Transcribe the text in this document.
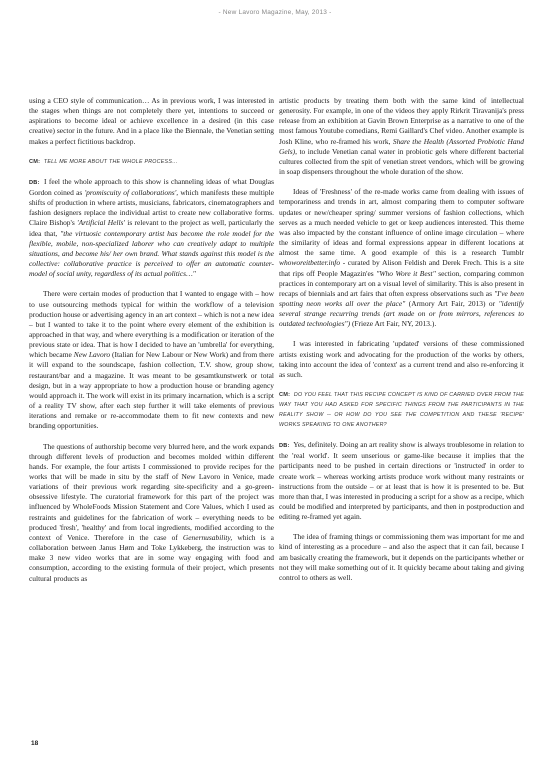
- New Lavoro Magazine, May, 2013 -

using a CEO style of communication… As in previous work, I was interested in the stages when things are not completely there yet, intentions to succeed or aspirations to become ideal or achieve excellence in a desired (in this case creative) sector in the future. And in a place like the Biennale, the Venetian setting makes a perfect fictitious backdrop.

CM: TELL ME MORE ABOUT THE WHOLE PROCESS…

DB: I feel the whole approach to this show is channeling ideas of what Douglas Gordon coined as 'promiscuity of collaborations', which manifests these multiple shifts of production in where artists, musicians, fabricators, cinematographers and fashion designers replace the individual artist to create new collaborative forms. Claire Bishop's 'Artificial Hells' is relevant to the project as well, particularly the idea that, "the virtuosic contemporary artist has become the role model for the flexible, mobile, non-specialized laborer who can creatively adapt to multiple situations, and become his/ her own brand. What stands against this model is the collective: collaborative practice is perceived to offer an automatic counter-model of social unity, regardless of its actual politics…"

There were certain modes of production that I wanted to engage with – how to use outsourcing methods typical for within the workflow of a television production house or advertising agency in an art context – which is not a new idea – but I wanted to take it to the point where every element of the exhibition is approached in that way, and where everything is a modification or iteration of the previous state or idea. That is how I decided to have an 'umbrella' for everything, which became New Lavoro (Italian for New Labour or New Work) and from there it will expand to the soundscape, fashion collection, T.V. show, group show, restaurant/bar and a magazine. It was meant to be gesamtkunstwerk or total design, but in a way appropriate to how a production house or branding agency would approach it. The work will exist in its primary incarnation, which is a script of a reality TV show, after each step further it will take elements of previous iterations and remake or re-accommodate them to fit new contexts and new branding opportunities.

The questions of authorship become very blurred here, and the work expands through different levels of production and becomes molded within different hands. For example, the four artists I commissioned to provide recipes for the works that will be made in situ by the staff of New Lavoro in Venice, made variations of their previous work regarding site-specificity and a go-green-obsessive lifestyle. The curatorial framework for this part of the project was influenced by WholeFoods Mission Statement and Core Values, which I used as restraints and guidelines for the fabrication of work – everything needs to be produced 'fresh', 'healthy' and from local ingredients, modified according to the context of Venice. Therefore in the case of Genernusability, which is a collaboration between Janus Høm and Toke Lykkeberg, the instruction was to make 3 new video works that are in some way engaging with food and consumption, according to the existing formula of their project, which presents cultural products as

artistic products by treating them both with the same kind of intellectual generosity. For example, in one of the videos they apply Rirkrit Tiravanija's press release from an exhibition at Gavin Brown Enterprise as a narrative to one of the most famous Youtube comedians, Remi Gaillard's Chef video. Another example is Josh Kline, who re-framed his work, Share the Health (Assorted Probiotic Hand Gels), to include Venetian canal water in probiotic gels where different bacterial cultures collected from the spit of venetian street vendors, which will be growing in soap dispensers throughout the whole duration of the show.

Ideas of 'Freshness' of the re-made works came from dealing with issues of temporariness and trends in art, almost comparing them to computer software updates or new/cheaper spring/ summer versions of fashion collections, which serves as a much needed vehicle to get or keep audiences interested. This theme was also impacted by the constant influence of online image circulation – where the similarity of ideas and formal expressions appear in different locations at almost the same time. A good example of this is a research Tumblr whoworeitbetter.info - curated by Alison Feldish and Derek Frech. This is a site that rips off People Magazin'es "Who Wore it Best" section, comparing common practices in contemporary art on a visual level of similarity. This is also present in recaps of biennials and art fairs that often express observations such as "I've been spotting neon works all over the place" (Armory Art Fair, 2013) or "identify several strange recurring trends (art made on or from mirrors, references to outdated technologies") (Frieze Art Fair, NY, 2013.).

I was interested in fabricating 'updated' versions of these commissioned artists existing work and advocating for the production of the works by others, taking into account the idea of 'context' as a current trend and also re-enforcing it as such.

CM: DO YOU FEEL THAT THIS RECIPE CONCEPT IS KIND OF CARRIED OVER FROM THE WAY THAT YOU HAD ASKED FOR SPECIFIC THINGS FROM THE PARTICIPANTS IN THE REALITY SHOW -- OR HOW DO YOU SEE THE COMPETITION AND THESE 'RECIPE' WORKS SPEAKING TO ONE ANOTHER?

DB: Yes, definitely. Doing an art reality show is always troublesome in relation to the 'real world'. It seem unserious or game-like because it implies that the participants need to be pushed in certain directions or 'instructed' in order to create work – whereas working artists produce work without many restraints or instructions from the outside – or at least that is how it is presented to be. But more than that, I was interested in producing a script for a show as a recipe, which could be modified and interpreted by participants, and then in postproduction and editing re-framed yet again.

The idea of framing things or commissioning them was important for me and kind of interesting as a procedure – and also the aspect that it can fail, because I am basically creating the framework, but it depends on the participants whether or not they will make something out of it. It quickly became about taking and giving control to others as well.

18
